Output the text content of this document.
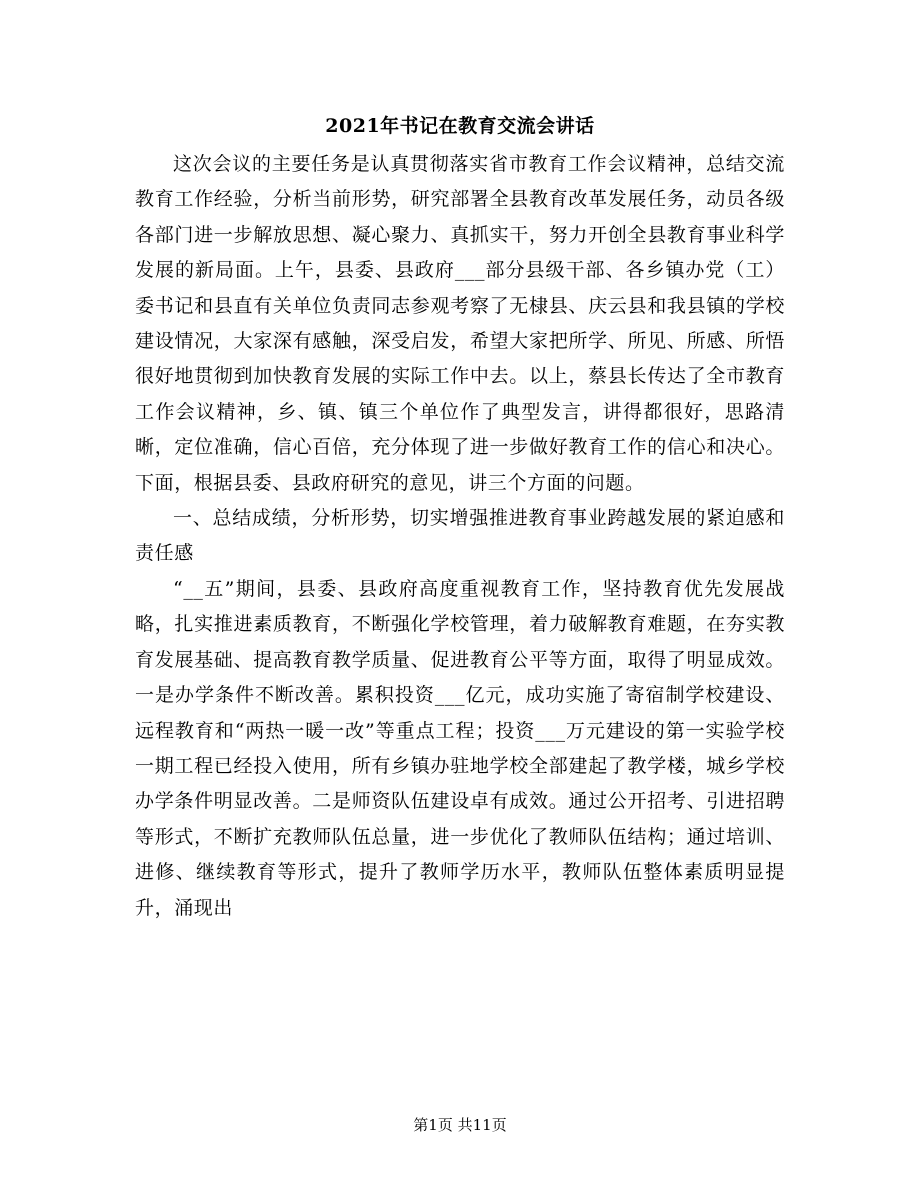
2021年书记在教育交流会讲话

这次会议的主要任务是认真贯彻落实省市教育工作会议精神，总结交流教育工作经验，分析当前形势，研究部署全县教育改革发展任务，动员各级各部门进一步解放思想、凝心聚力、真抓实干，努力开创全县教育事业科学发展的新局面。上午，县委、县政府___部分县级干部、各乡镇办党（工）委书记和县直有关单位负责同志参观考察了无棣县、庆云县和我县镇的学校建设情况，大家深有感触，深受启发，希望大家把所学、所见、所感、所悟很好地贯彻到加快教育发展的实际工作中去。以上，蔡县长传达了全市教育工作会议精神，乡、镇、镇三个单位作了典型发言，讲得都很好，思路清晰，定位准确，信心百倍，充分体现了进一步做好教育工作的信心和决心。下面，根据县委、县政府研究的意见，讲三个方面的问题。

一、总结成绩，分析形势，切实增强推进教育事业跨越发展的紧迫感和责任感

“__五”期间，县委、县政府高度重视教育工作，坚持教育优先发展战略，扎实推进素质教育，不断强化学校管理，着力破解教育难题，在夯实教育发展基础、提高教育教学质量、促进教育公平等方面，取得了明显成效。一是办学条件不断改善。累积投资___亿元，成功实施了寄宿制学校建设、远程教育和“两热一暖一改”等重点工程；投资___万元建设的第一实验学校一期工程已经投入使用，所有乡镇办驻地学校全部建起了教学楼，城乡学校办学条件明显改善。二是师资队伍建设卓有成效。通过公开招考、引进招聘等形式，不断扩充教师队伍总量，进一步优化了教师队伍结构；通过培训、进修、继续教育等形式，提升了教师学历水平，教师队伍整体素质明显提升，涌现出

第1页 共11页
